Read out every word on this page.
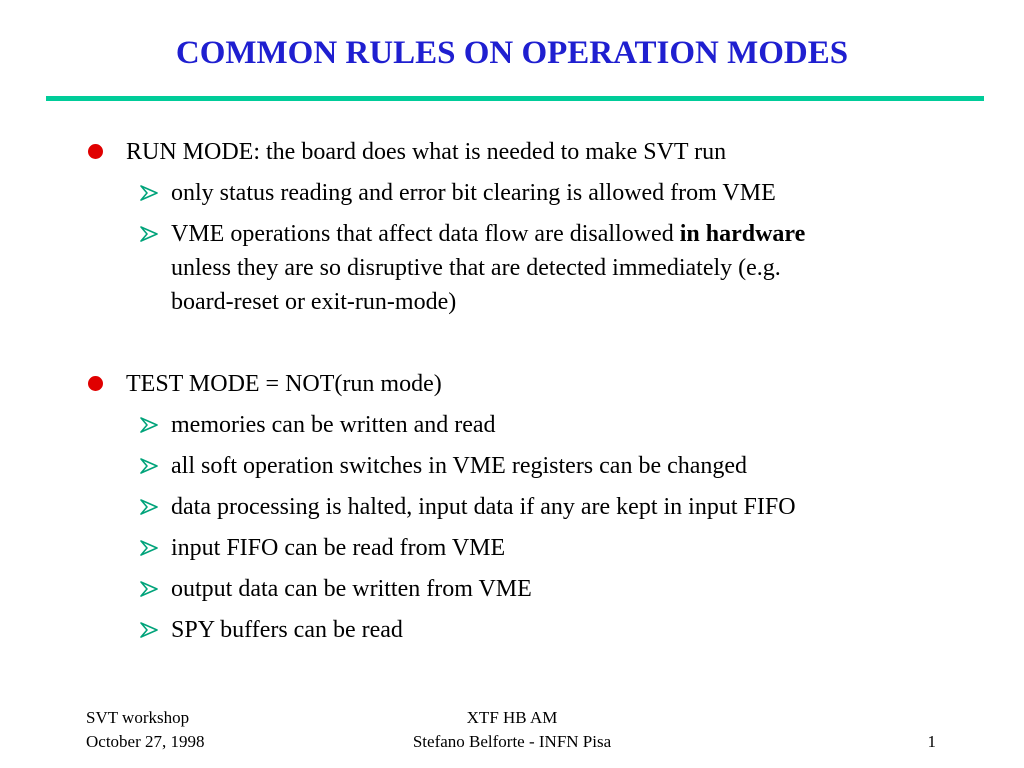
COMMON RULES ON OPERATION MODES
RUN MODE: the board does what is needed to make SVT run
only status reading and error bit clearing is allowed from VME
VME operations that affect data flow are disallowed in hardware
unless they are so disruptive that are detected immediately (e.g.
board-reset or exit-run-mode)
TEST MODE = NOT(run mode)
memories can be written and read
all soft operation switches in VME registers can be changed
data processing is halted, input data if any are kept in input FIFO
input FIFO can be read from VME
output data can be written from VME
SPY buffers can be read
SVT workshop
October 27, 1998
XTF HB AM
Stefano Belforte - INFN Pisa	1
